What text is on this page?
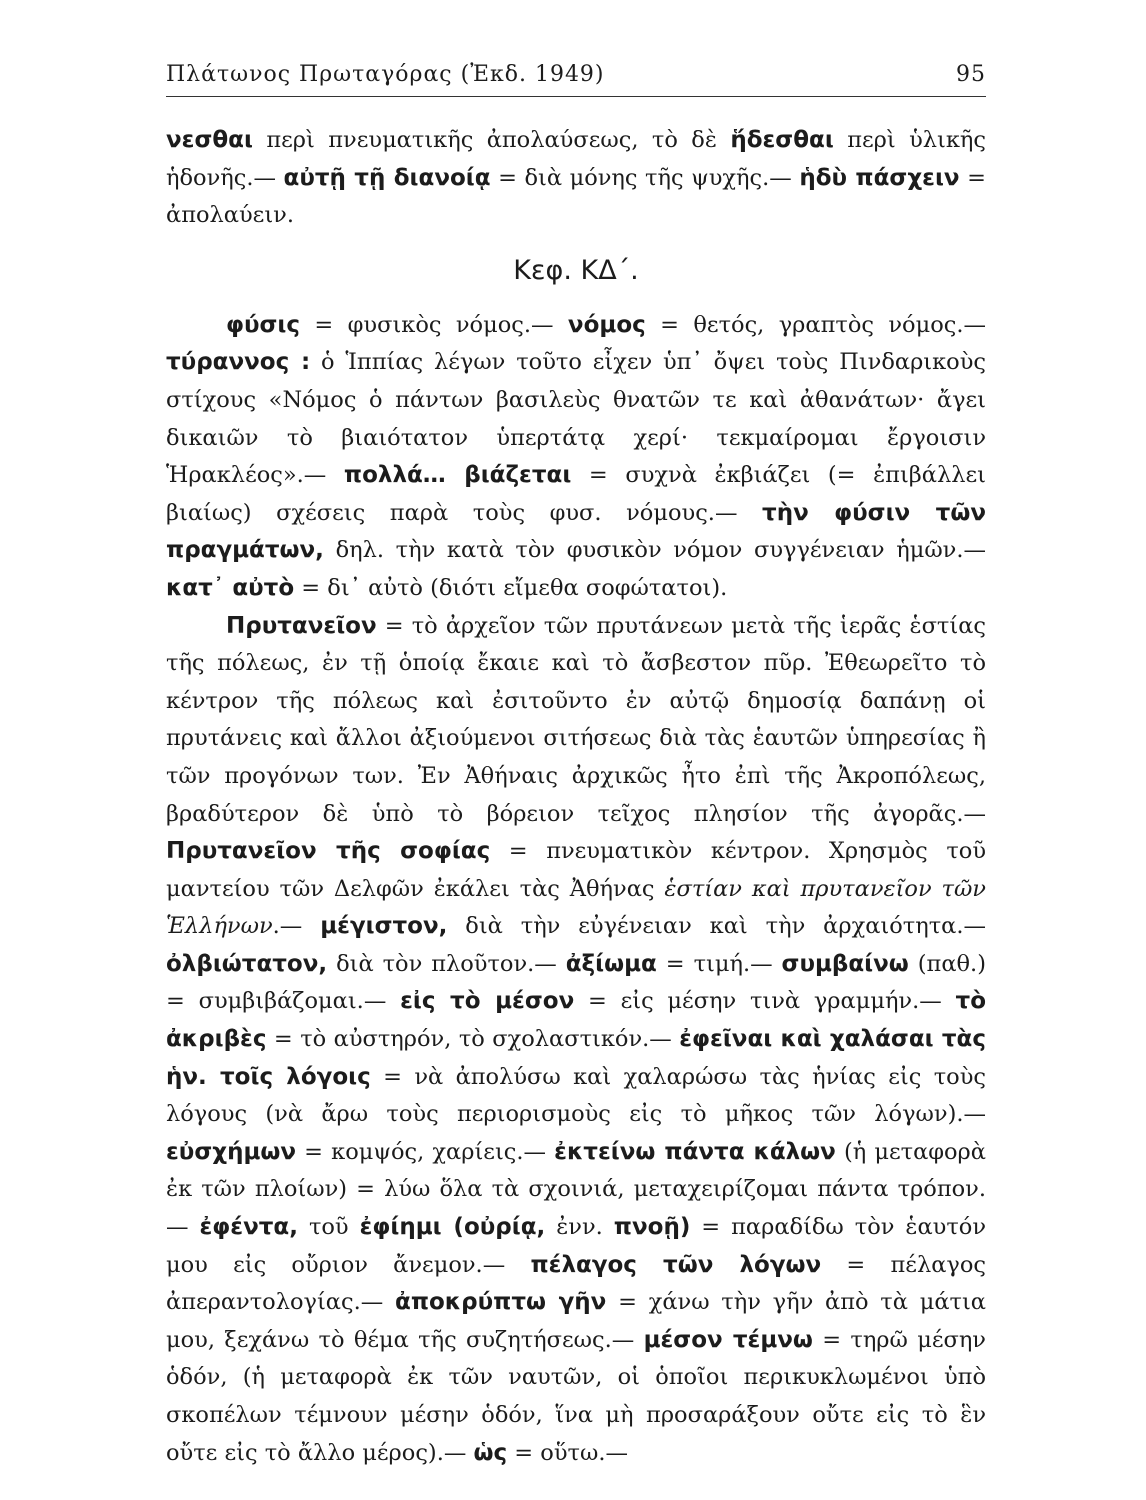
Πλάτωνος Πρωταγόρας (Ἐκδ. 1949)	95

νεσθαι περὶ πνευματικῆς ἀπολαύσεως, τὸ δὲ ἥδεσθαι περὶ ὑλικῆς ἡδονῆς.— αὐτῇ τῇ διανοίᾳ = διὰ μόνης τῆς ψυχῆς.— ἡδὺ πάσχειν = ἀπολαύειν.

Κεφ. ΚΔ΄.

φύσις = φυσικὸς νόμος.— νόμος = θετός, γραπτὸς νόμος.— τύραννος : ὁ Ἱππίας λέγων τοῦτο εἶχεν ὑπ᾽ ὄψει τοὺς Πινδαρικοὺς στίχους «Νόμος ὁ πάντων βασιλεὺς θνατῶν τε καὶ ἀθανάτων· ἄγει δικαιῶν τὸ βιαιότατον ὑπερτάτᾳ χερί· τεκμαίρομαι ἔργοισιν Ἡρακλέος».— πολλά… βιάζεται = συχνὰ ἐκβιάζει (= ἐπιβάλλει βιαίως) σχέσεις παρὰ τοὺς φυσ. νόμους.— τὴν φύσιν τῶν πραγμάτων, δηλ. τὴν κατὰ τὸν φυσικὸν νόμον συγγένειαν ἡμῶν.— κατ᾽ αὐτὸ = δι᾽ αὐτὸ (διότι εἴμεθα σοφώτατοι).

Πρυτανεῖον = τὸ ἀρχεῖον τῶν πρυτάνεων μετὰ τῆς ἱερᾶς ἑστίας τῆς πόλεως, ἐν τῇ ὁποίᾳ ἔκαιε καὶ τὸ ἄσβεστον πῦρ. Ἐθεωρεῖτο τὸ κέντρον τῆς πόλεως καὶ ἐσιτοῦντο ἐν αὐτῷ δημοσίᾳ δαπάνῃ οἱ πρυτάνεις καὶ ἄλλοι ἀξιούμενοι σιτήσεως διὰ τὰς ἑαυτῶν ὑπηρεσίας ἢ τῶν προγόνων των. Ἐν Ἀθήναις ἀρχικῶς ἦτο ἐπὶ τῆς Ἀκροπόλεως, βραδύτερον δὲ ὑπὸ τὸ βόρειον τεῖχος πλησίον τῆς ἀγορᾶς.— Πρυτανεῖον τῆς σοφίας = πνευματικὸν κέντρον. Χρησμὸς τοῦ μαντείου τῶν Δελφῶν ἐκάλει τὰς Ἀθήνας ἑστίαν καὶ πρυτανεῖον τῶν Ἑλλήνων.— μέγιστον, διὰ τὴν εὐγένειαν καὶ τὴν ἀρχαιότητα.— ὀλβιώτατον, διὰ τὸν πλοῦτον.— ἀξίωμα = τιμή.— συμβαίνω (παθ.) = συμβιβάζομαι.— εἰς τὸ μέσον = εἰς μέσην τινὰ γραμμήν.— τὸ ἀκριβὲς = τὸ αὐστηρόν, τὸ σχολαστικόν.— ἐφεῖναι καὶ χαλάσαι τὰς ἡν. τοῖς λόγοις = νὰ ἀπολύσω καὶ χαλαρώσω τὰς ἡνίας εἰς τοὺς λόγους (νὰ ἄρω τοὺς περιορισμοὺς εἰς τὸ μῆκος τῶν λόγων).— εὐσχήμων = κομψός, χαρίεις.— ἐκτείνω πάντα κάλων (ἡ μεταφορὰ ἐκ τῶν πλοίων) = λύω ὅλα τὰ σχοινιά, μεταχειρίζομαι πάντα τρόπον.— ἐφέντα, τοῦ ἐφίημι (οὐρίᾳ, ἐνν. πνοῇ) = παραδίδω τὸν ἑαυτόν μου εἰς οὔριον ἄνεμον.— πέλαγος τῶν λόγων = πέλαγος ἀπεραντολογίας.— ἀποκρύπτω γῆν = χάνω τὴν γῆν ἀπὸ τὰ μάτια μου, ξεχάνω τὸ θέμα τῆς συζητήσεως.— μέσον τέμνω = τηρῶ μέσην ὁδόν, (ἡ μεταφορὰ ἐκ τῶν ναυτῶν, οἱ ὁποῖοι περικυκλωμένοι ὑπὸ σκοπέλων τέμνουν μέσην ὁδόν, ἵνα μὴ προσαράξουν οὔτε εἰς τὸ ἓν οὔτε εἰς τὸ ἄλλο μέρος).— ὡς = οὕτω.—
